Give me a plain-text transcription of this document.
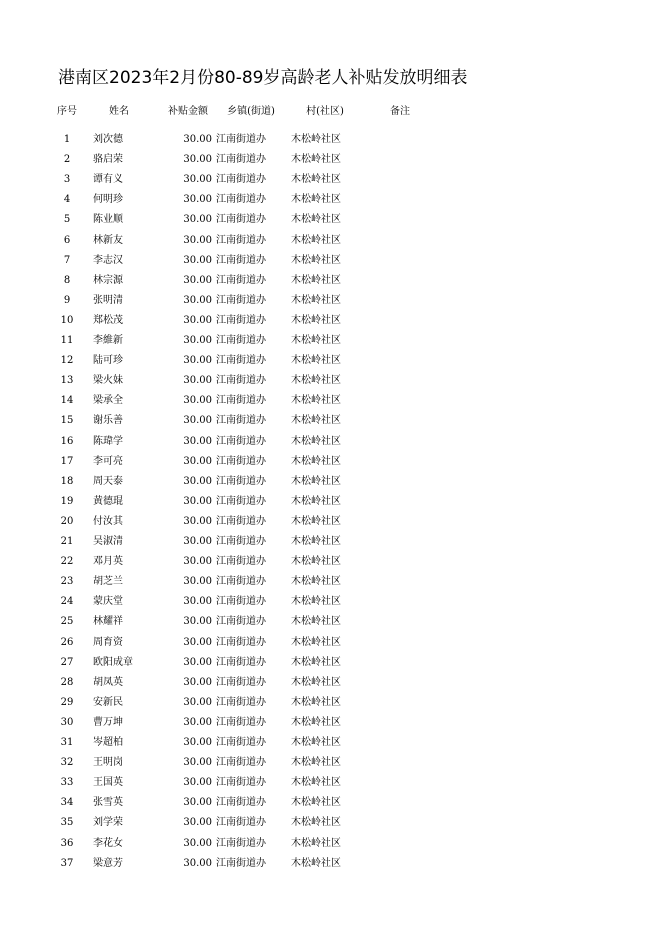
港南区2023年2月份80-89岁高龄老人补贴发放明细表
序号	姓名	补贴金额	乡镇(街道)	村(社区)	备注
1	刘次德	30.00 江南街道办	木松岭社区
2	骆启荣	30.00 江南街道办	木松岭社区
3	谭有义	30.00 江南街道办	木松岭社区
4	何明珍	30.00 江南街道办	木松岭社区
5	陈业顺	30.00 江南街道办	木松岭社区
6	林新友	30.00 江南街道办	木松岭社区
7	李志汉	30.00 江南街道办	木松岭社区
8	林宗源	30.00 江南街道办	木松岭社区
9	张明清	30.00 江南街道办	木松岭社区
10	郑松茂	30.00 江南街道办	木松岭社区
11	李維新	30.00 江南街道办	木松岭社区
12	陆可珍	30.00 江南街道办	木松岭社区
13	梁火妹	30.00 江南街道办	木松岭社区
14	梁承全	30.00 江南街道办	木松岭社区
15	谢乐善	30.00 江南街道办	木松岭社区
16	陈瑋学	30.00 江南街道办	木松岭社区
17	李可亮	30.00 江南街道办	木松岭社区
18	周天泰	30.00 江南街道办	木松岭社区
19	黄德琨	30.00 江南街道办	木松岭社区
20	付汝其	30.00 江南街道办	木松岭社区
21	吴淑清	30.00 江南街道办	木松岭社区
22	邓月英	30.00 江南街道办	木松岭社区
23	胡芝兰	30.00 江南街道办	木松岭社区
24	蒙庆堂	30.00 江南街道办	木松岭社区
25	林耀祥	30.00 江南街道办	木松岭社区
26	周育资	30.00 江南街道办	木松岭社区
27	欧阳成章	30.00 江南街道办	木松岭社区
28	胡凤英	30.00 江南街道办	木松岭社区
29	安新民	30.00 江南街道办	木松岭社区
30	曹万坤	30.00 江南街道办	木松岭社区
31	岑超柏	30.00 江南街道办	木松岭社区
32	王明岗	30.00 江南街道办	木松岭社区
33	王国英	30.00 江南街道办	木松岭社区
34	张雪英	30.00 江南街道办	木松岭社区
35	刘学荣	30.00 江南街道办	木松岭社区
36	李花女	30.00 江南街道办	木松岭社区
37	梁意芳	30.00 江南街道办	木松岭社区
